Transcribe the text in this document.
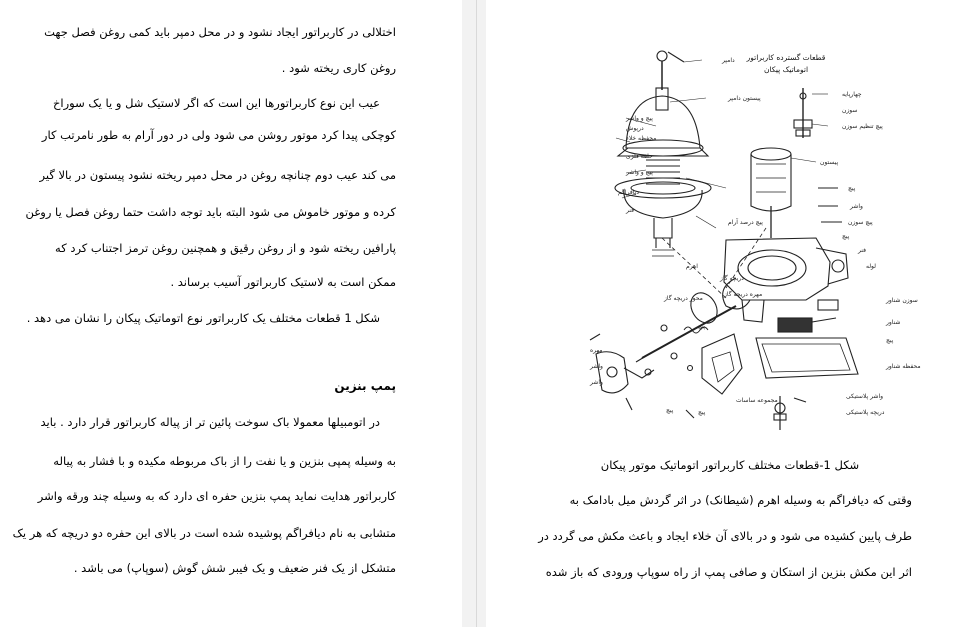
اختلالی در کاربراتور ایجاد نشود و در محل دمپر باید کمی روغن فصل جهت
روغن کاری ریخته شود .
عیب این نوع کاربراتورها این است که اگر لاستیک شل و یا یک سوراخ
کوچکی پیدا کرد موتور روشن می شود ولی در دور آرام به طور نامرتب کار
می کند عیب دوم چنانچه روغن در محل دمپر ریخته نشود پیستون در بالا گیر
کرده و موتور خاموش می شود البته باید توجه داشت حتما روغن فصل یا روغن
پارافین ریخته شود و از روغن رقیق و همچنین روغن ترمز اجتناب کرد که
ممکن است به لاستیک کاربراتور آسیب برساند .
شکل 1 قطعات مختلف یک کاربراتور نوع اتوماتیک پیکان را نشان می دهد .
پمپ بنزین
در اتومبیلها معمولا باک سوخت پائین تر از پیاله کاربراتور قرار دارد . باید
به وسیله پمپی بنزین و یا نفت را از باک مربوطه مکیده و با فشار به پیاله
کاربراتور هدایت نماید پمپ بنزین حفره ای دارد که به وسیله چند ورقه واشر
متشابی به نام دیافراگم پوشیده شده است در بالای این حفره دو دریچه که هر یک
متشکل از یک فنر ضعیف و یک فیبر شش گوش (سوپاپ) می باشد .
قطعات گسترده کاربراتور
اتوماتیک پیکان
دامپر
پیستون دامپر
پیچ و واشر
درپوش
محفظه خلاء
دیافراگم
پیچ و واشر
حلقه فلزی
فنر
پیچ درصد آرام
پیستون
پیچ
سوزن
واشر
پیچ سوزن
پیچ تنظیم سوزن
چهارپایه
پیچ
فنر
لوله
اهرم
دریچه گاز
مهره
واشر
مجموعه ساسات
پیچ
واشر پلاستیکی
دریچه پلاستیکی
شناور
سوزن شناور
محفظه شناور
پیچ
مهره دریچه گاز
محور دریچه گاز
پیچ
واشر
پیچ
شکل 1-قطعات مختلف کاربراتور اتوماتیک موتور پیکان
وقتی که دیافراگم به وسیله اهرم (شیطانک) در اثر گردش میل بادامک به
طرف پایین کشیده می شود و در بالای آن خلاء ایجاد و باعث مکش می گردد در
اثر این مکش بنزین از استکان و صافی پمپ از راه سوپاپ ورودی که باز شده
